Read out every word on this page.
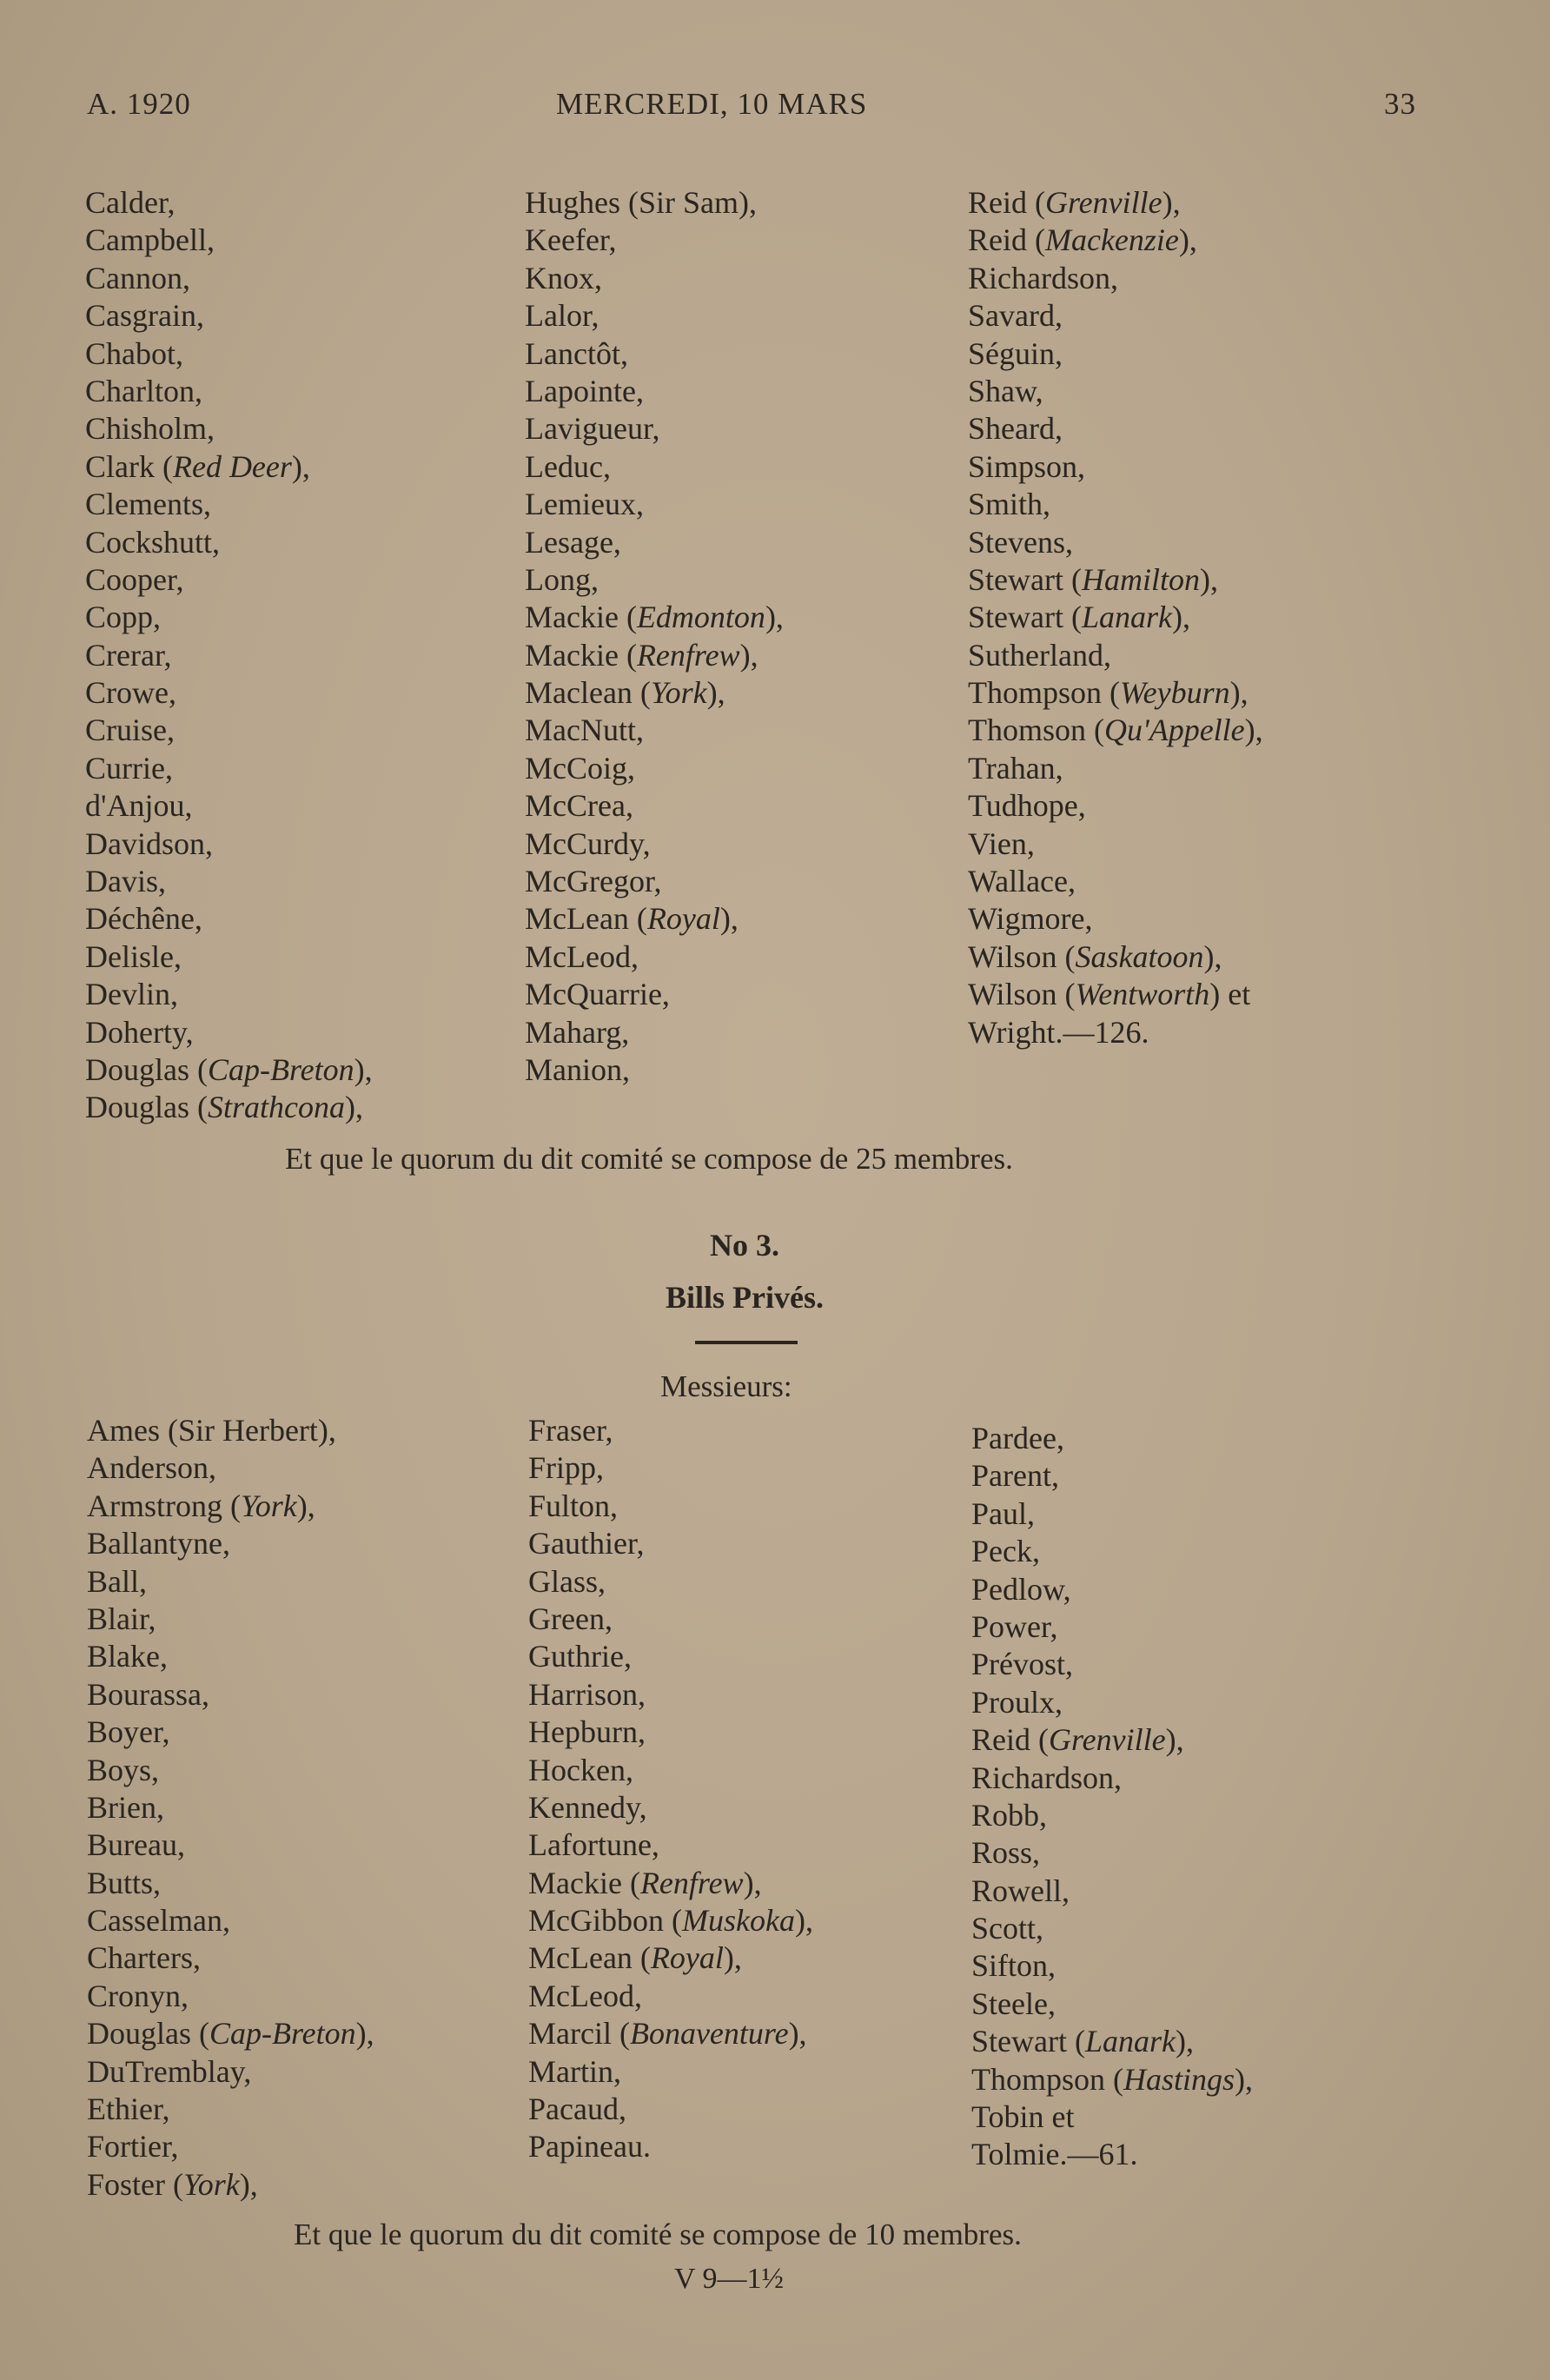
A. 1920	MERCREDI, 10 MARS	33
Calder,
Campbell,
Cannon,
Casgrain,
Chabot,
Charlton,
Chisholm,
Clark (Red Deer),
Clements,
Cockshutt,
Cooper,
Copp,
Crerar,
Crowe,
Cruise,
Currie,
d'Anjou,
Davidson,
Davis,
Déchêne,
Delisle,
Devlin,
Doherty,
Douglas (Cap-Breton),
Douglas (Strathcona),
Hughes (Sir Sam),
Keefer,
Knox,
Lalor,
Lanctôt,
Lapointe,
Lavigueur,
Leduc,
Lemieux,
Lesage,
Long,
Mackie (Edmonton),
Mackie (Renfrew),
Maclean (York),
MacNutt,
McCoig,
McCrea,
McCurdy,
McGregor,
McLean (Royal),
McLeod,
McQuarrie,
Maharg,
Manion,
Reid (Grenville),
Reid (Mackenzie),
Richardson,
Savard,
Séguin,
Shaw,
Sheard,
Simpson,
Smith,
Stevens,
Stewart (Hamilton),
Stewart (Lanark),
Sutherland,
Thompson (Weyburn),
Thomson (Qu'Appelle),
Trahan,
Tudhope,
Vien,
Wallace,
Wigmore,
Wilson (Saskatoon),
Wilson (Wentworth) et
Wright.—126.
Et que le quorum du dit comité se compose de 25 membres.
No 3.
Bills Privés.
Messieurs:
Ames (Sir Herbert),
Anderson,
Armstrong (York),
Ballantyne,
Ball,
Blair,
Blake,
Bourassa,
Boyer,
Boys,
Brien,
Bureau,
Butts,
Casselman,
Charters,
Cronyn,
Douglas (Cap-Breton),
DuTremblay,
Ethier,
Fortier,
Foster (York),
Fraser,
Fripp,
Fulton,
Gauthier,
Glass,
Green,
Guthrie,
Harrison,
Hepburn,
Hocken,
Kennedy,
Lafortune,
Mackie (Renfrew),
McGibbon (Muskoka),
McLean (Royal),
McLeod,
Marcil (Bonaventure),
Martin,
Pacaud,
Papineau.
Pardee,
Parent,
Paul,
Peck,
Pedlow,
Power,
Prévost,
Proulx,
Reid (Grenville),
Richardson,
Robb,
Ross,
Rowell,
Scott,
Sifton,
Steele,
Stewart (Lanark),
Thompson (Hastings),
Tobin et
Tolmie.—61.
Et que le quorum du dit comité se compose de 10 membres.
V 9—1½
